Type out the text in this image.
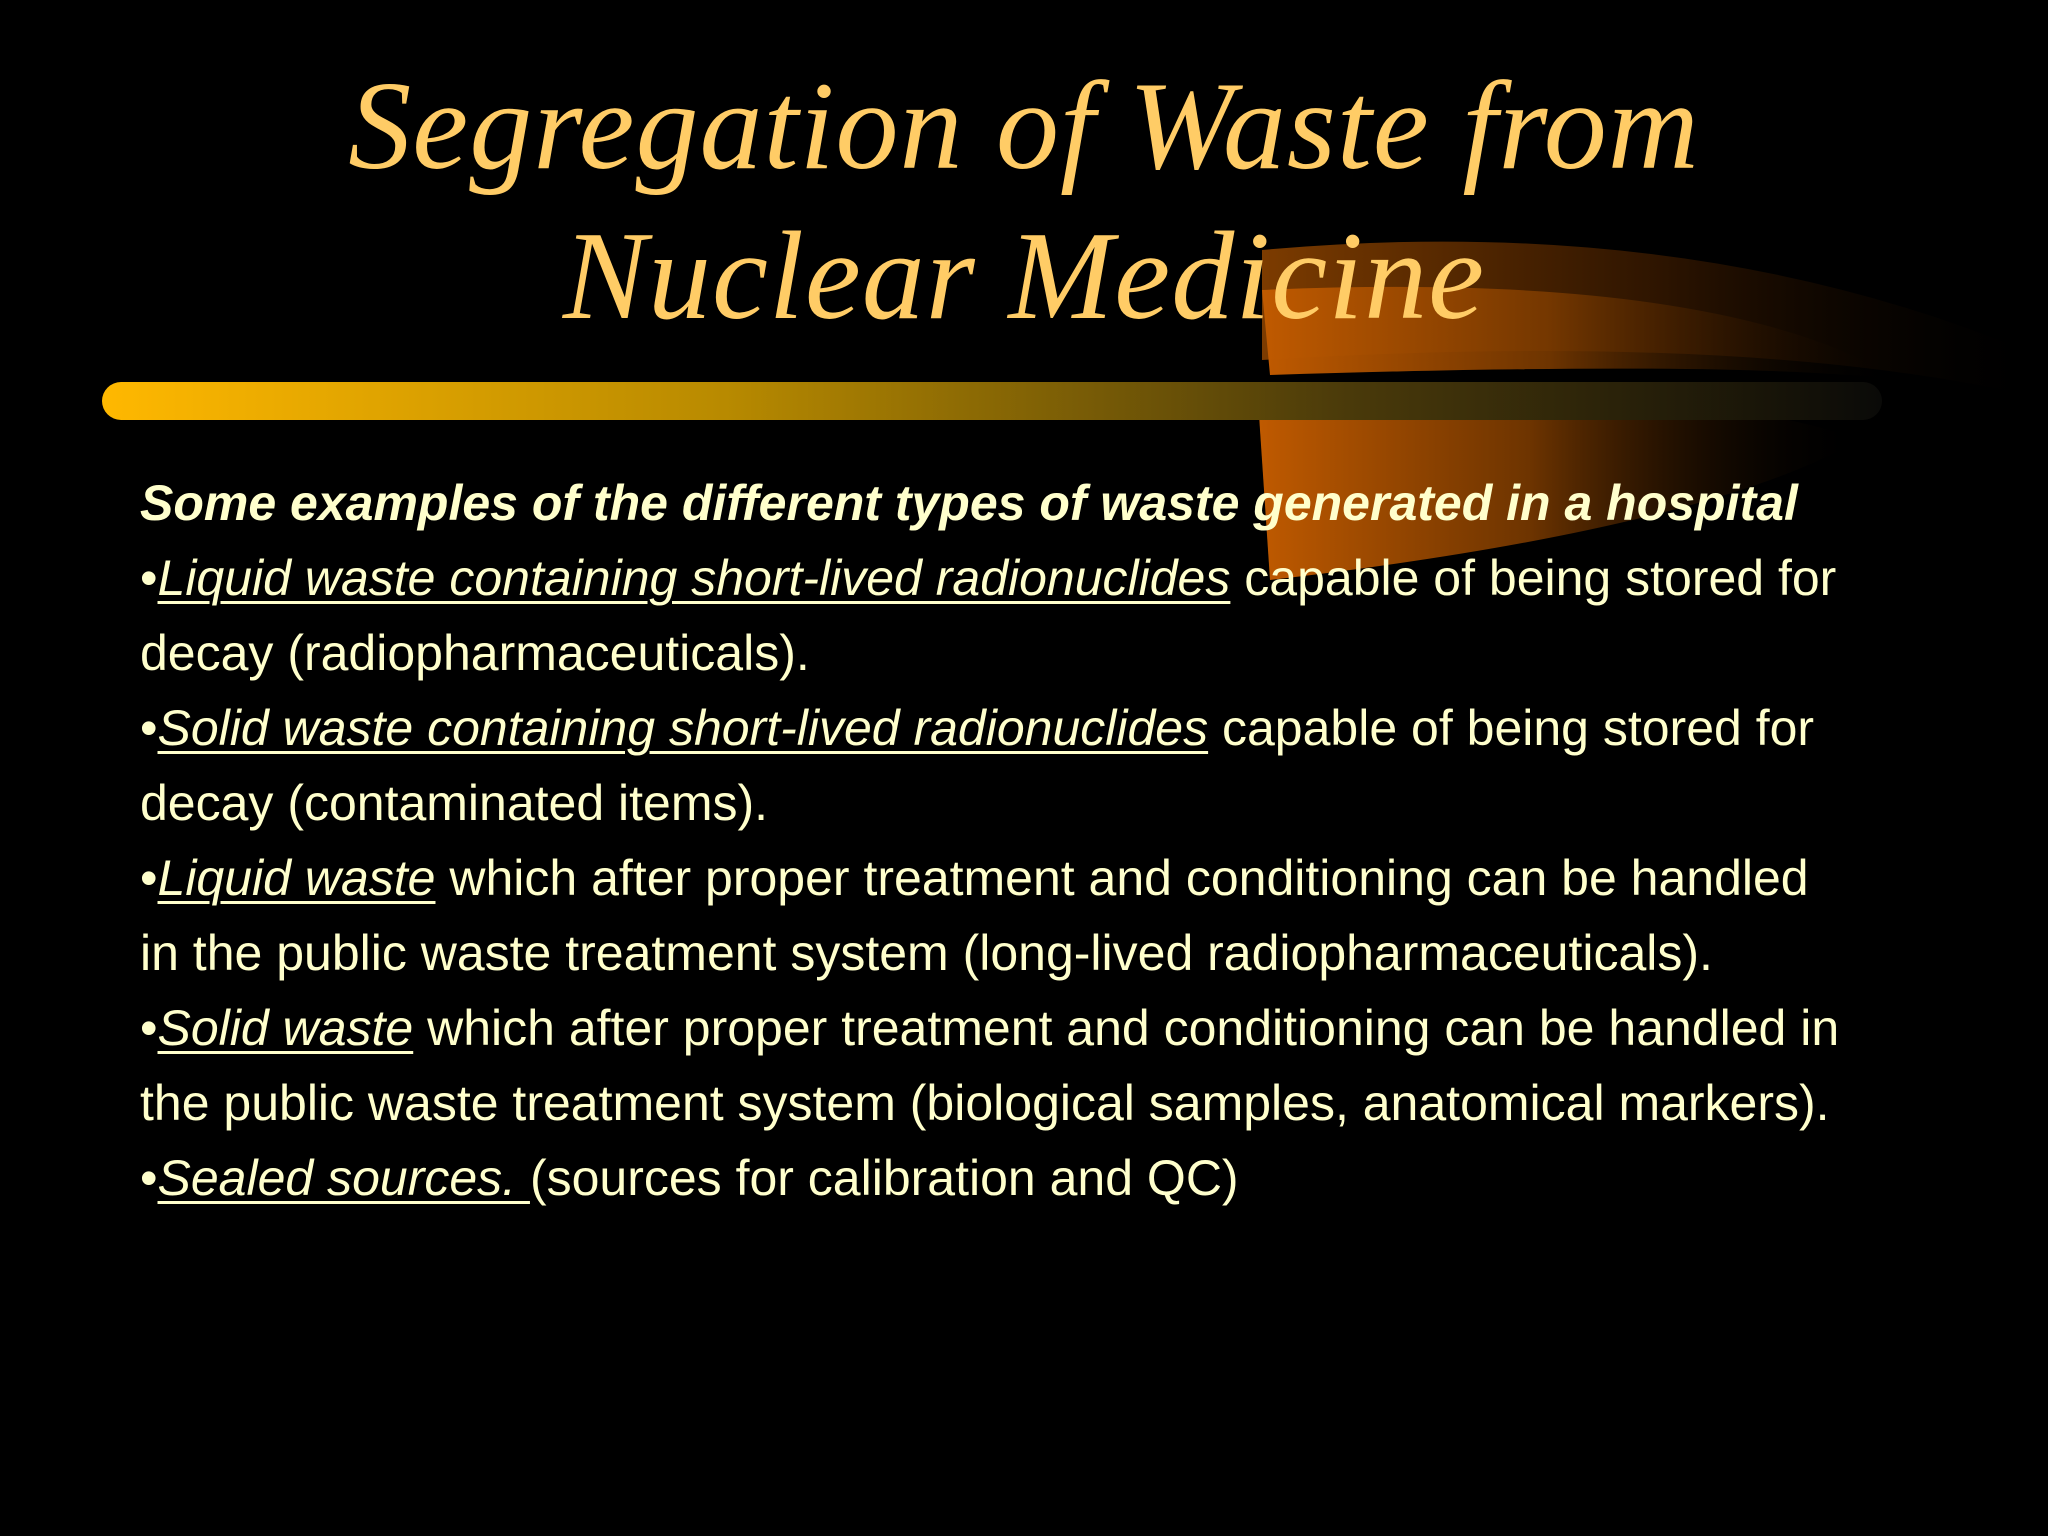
Segregation of Waste from
Nuclear Medicine

Some examples of the different types of waste generated in a hospital

•Liquid waste containing short-lived radionuclides capable of being stored for decay (radiopharmaceuticals).

•Solid waste containing short-lived radionuclides capable of being stored for decay (contaminated items).

•Liquid waste which after proper treatment and conditioning can be handled in the public waste treatment system (long-lived radiopharmaceuticals).

•Solid waste which after proper treatment and conditioning can be handled in the public waste treatment system (biological samples, anatomical markers).

•Sealed sources. (sources for calibration and QC)
